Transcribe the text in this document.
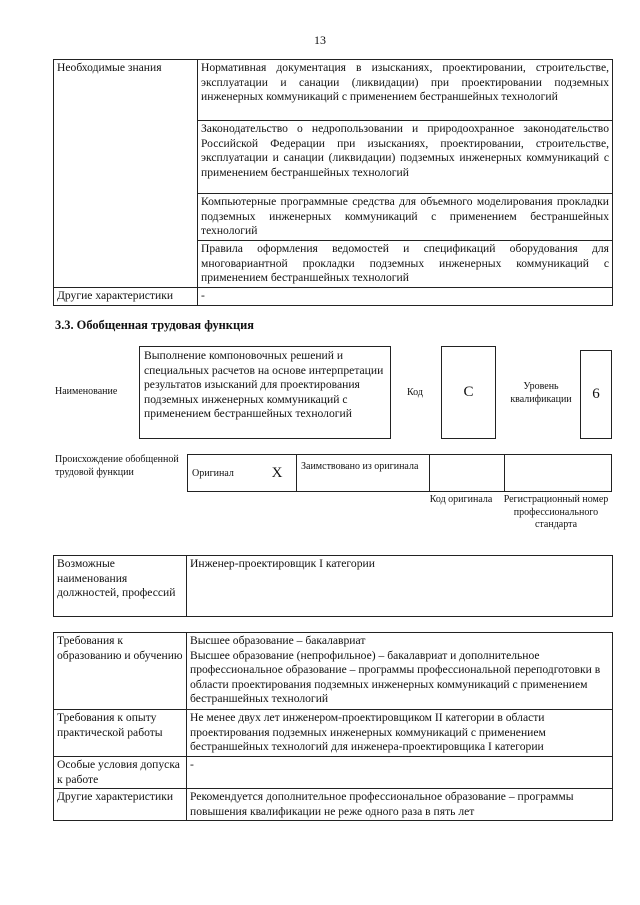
13
Необходимые знания	Нормативная документация в изысканиях, проектировании, строительстве, эксплуатации и санации (ликвидации) при проектировании подземных инженерных коммуникаций с применением бестраншейных технологий
	Законодательство о недропользовании и природоохранное законодательство Российской Федерации при изысканиях, проектировании, строительстве, эксплуатации и санации (ликвидации) подземных инженерных коммуникаций с применением бестраншейных технологий
	Компьютерные программные средства для объемного моделирования прокладки подземных инженерных коммуникаций с применением бестраншейных технологий
	Правила оформления ведомостей и спецификаций оборудования для многовариантной прокладки подземных инженерных коммуникаций с применением бестраншейных технологий
Другие характеристики	-
3.3. Обобщенная трудовая функция
Наименование
Выполнение компоновочных решений и специальных расчетов на основе интерпретации результатов изысканий для проектирования подземных инженерных коммуникаций с применением бестраншейных технологий
Код	C	Уровень квалификации	6
Происхождение обобщенной трудовой функции	Оригинал	X	Заимствовано из оригинала		
Код оригинала	Регистрационный номер профессионального стандарта
Возможные наименования должностей, профессий	Инженер-проектировщик I категории
Требования к образованию и обучению	Высшее образование – бакалавриат
Высшее образование (непрофильное) – бакалавриат и дополнительное профессиональное образование – программы профессиональной переподготовки в области проектирования подземных инженерных коммуникаций с применением бестраншейных технологий

Требования к опыту практической работы	Не менее двух лет инженером-проектировщиком II категории в области проектирования подземных инженерных коммуникаций с применением бестраншейных технологий для инженера-проектировщика I категории
Особые условия допуска к работе	-
Другие характеристики	Рекомендуется дополнительное профессиональное образование – программы повышения квалификации не реже одного раза в пять лет
